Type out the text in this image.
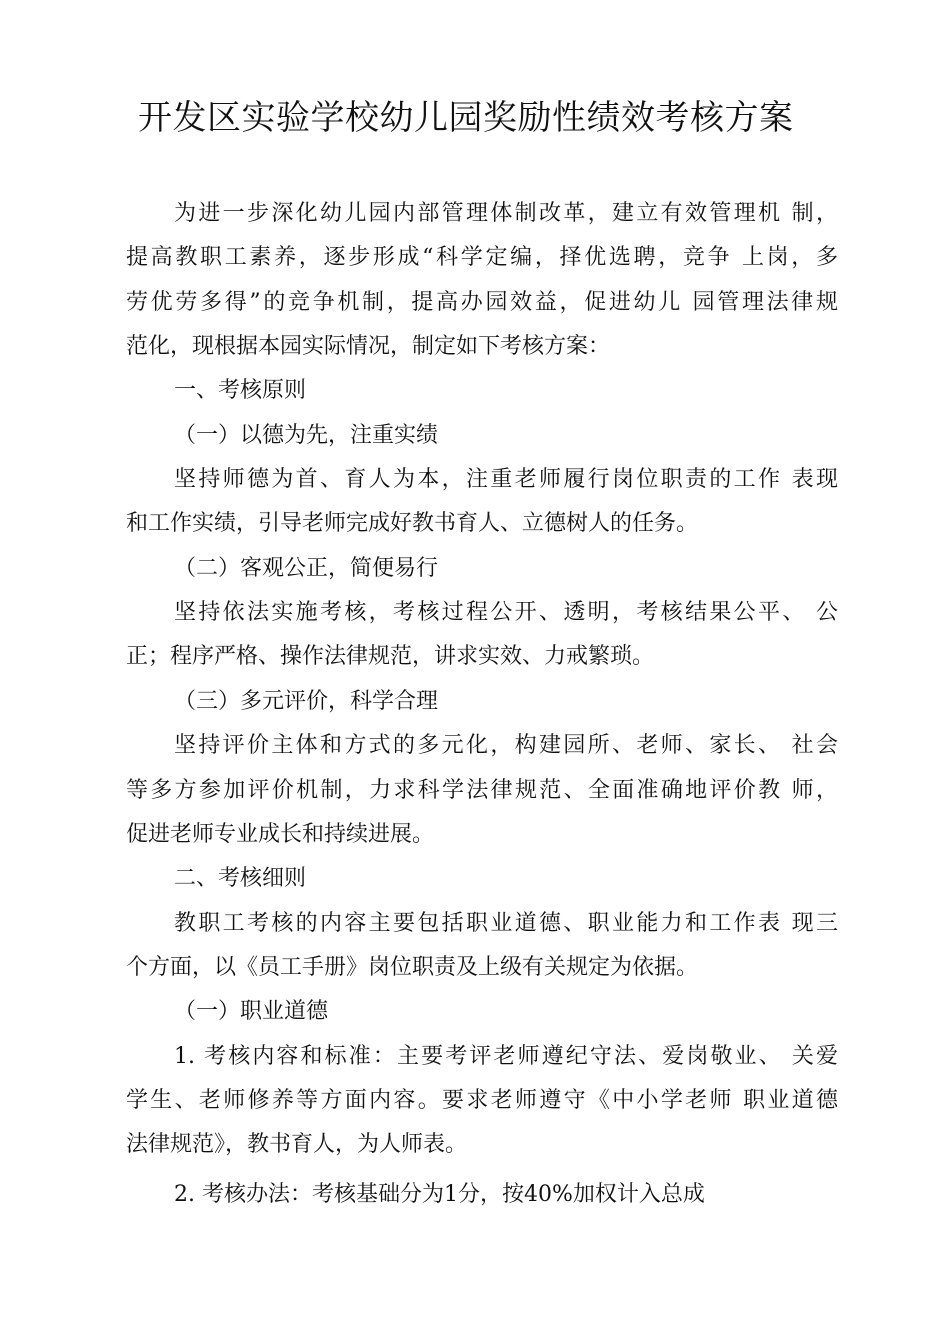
开发区实验学校幼儿园奖励性绩效考核方案
为进一步深化幼儿园内部管理体制改革，建立有效管理机 制，
提高教职工素养，逐步形成“科学定编，择优选聘，竞争 上岗，多
劳优劳多得”的竞争机制，提高办园效益，促进幼儿 园管理法律规
范化，现根据本园实际情况，制定如下考核方案：
一、考核原则
（一）以德为先，注重实绩
坚持师德为首、育人为本，注重老师履行岗位职责的工作 表现
和工作实绩，引导老师完成好教书育人、立德树人的任务。
（二）客观公正，简便易行
坚持依法实施考核，考核过程公开、透明，考核结果公平、 公
正；程序严格、操作法律规范，讲求实效、力戒繁琐。
（三）多元评价，科学合理
坚持评价主体和方式的多元化，构建园所、老师、家长、 社会
等多方参加评价机制，力求科学法律规范、全面准确地评价教 师，
促进老师专业成长和持续进展。
二、考核细则
教职工考核的内容主要包括职业道德、职业能力和工作表 现三
个方面，以《员工手册》岗位职责及上级有关规定为依据。
（一）职业道德
1. 考核内容和标准：主要考评老师遵纪守法、爱岗敬业、 关爱
学生、老师修养等方面内容。要求老师遵守《中小学老师 职业道德
法律规范》，教书育人，为人师表。
2. 考核办法：考核基础分为1分，按40%加权计入总成
